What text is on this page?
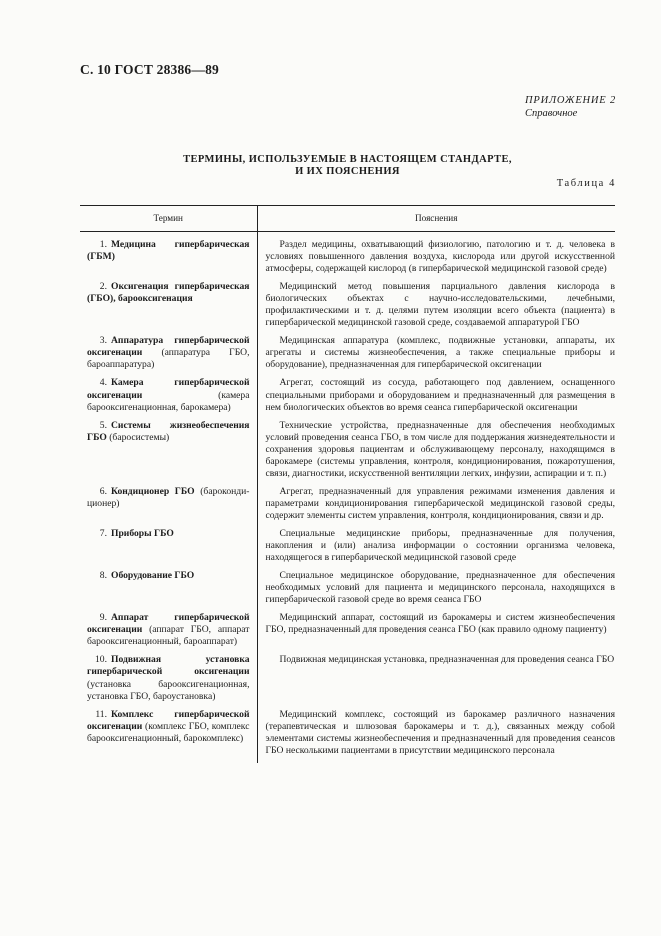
С. 10 ГОСТ 28386—89
ПРИЛОЖЕНИЕ 2
Справочное
ТЕРМИНЫ, ИСПОЛЬЗУЕМЫЕ В НАСТОЯЩЕМ СТАНДАРТЕ,
И ИХ ПОЯСНЕНИЯ
Таблица 4
Термин	Пояснения
1. Медицина гипербарическая (ГБМ)	Раздел медицины, охватывающий физиологию, патологию и т. д. человека в условиях повышенного давления воздуха, кислорода или другой искусственной атмосферы, содержащей кислород (в гипербарической медицинской газовой среде)

2. Оксигенация гипербарическая (ГБО), барооксигенация	Медицинский метод повышения парциального давления кислорода в биологических объектах с научно-исследовательскими, лечебными, профилактическими и т. д. целями путем изоляции всего объекта (пациента) в гипербарической медицинской газовой среде, создаваемой аппаратурой ГБО

3. Аппаратура гипербарической оксигенации (аппаратура ГБО, бароаппаратура)	Медицинская аппаратура (комплекс, подвижные установки, аппараты, их агрегаты и системы жизнеобеспечения, а также специальные приборы и оборудование), предназначенная для гипербарической оксигенации

4. Камера гипербарической оксигенации (камера барооксигенационная, барокамера)	Агрегат, состоящий из сосуда, работающего под давлением, оснащенного специальными приборами и оборудованием и предназначенный для размещения в нем биологических объектов во время сеанса гипербарической оксигенации

5. Системы жизнеобеспечения ГБО (баросистемы)	Технические устройства, предназначенные для обеспечения необходимых условий проведения сеанса ГБО, в том числе для поддержания жизнедеятельности и сохранения здоровья пациентам и обслуживающему персоналу, находящимся в барокамере (системы управления, контроля, кондиционирования, пожаротушения, связи, диагностики, искусственной вентиляции легких, инфузии, аспирации и т. п.)

6. Кондиционер ГБО (барокондиционер)	Агрегат, предназначенный для управления режимами изменения давления и параметрами кондиционирования гипербарической медицинской газовой среды, содержит элементы систем управления, контроля, кондиционирования, связи и др.

7. Приборы ГБО	Специальные медицинские приборы, предназначенные для получения, накопления и (или) анализа информации о состоянии организма человека, находящегося в гипербарической медицинской газовой среде

8. Оборудование ГБО	Специальное медицинское оборудование, предназначенное для обеспечения необходимых условий для пациента и медицинского персонала, находящихся в гипербарической газовой среде во время сеанса ГБО

9. Аппарат гипербарической оксигенации (аппарат ГБО, аппарат барооксигенационный, бароаппарат)	Медицинский аппарат, состоящий из барокамеры и систем жизнеобеспечения ГБО, предназначенный для проведения сеанса ГБО (как правило одному пациенту)

10. Подвижная установка гипербарической оксигенации (установка барооксигенационная, установка ГБО, бароустановка)	Подвижная медицинская установка, предназначенная для проведения сеанса ГБО

11. Комплекс гипербарической оксигенации (комплекс ГБО, комплекс барооксигенационный, барокомплекс)	Медицинский комплекс, состоящий из барокамер различного назначения (терапевтическая и шлюзовая барокамеры и т. д.), связанных между собой элементами системы жизнеобеспечения и предназначенный для проведения сеансов ГБО несколькими пациентами в присутствии медицинского персонала
